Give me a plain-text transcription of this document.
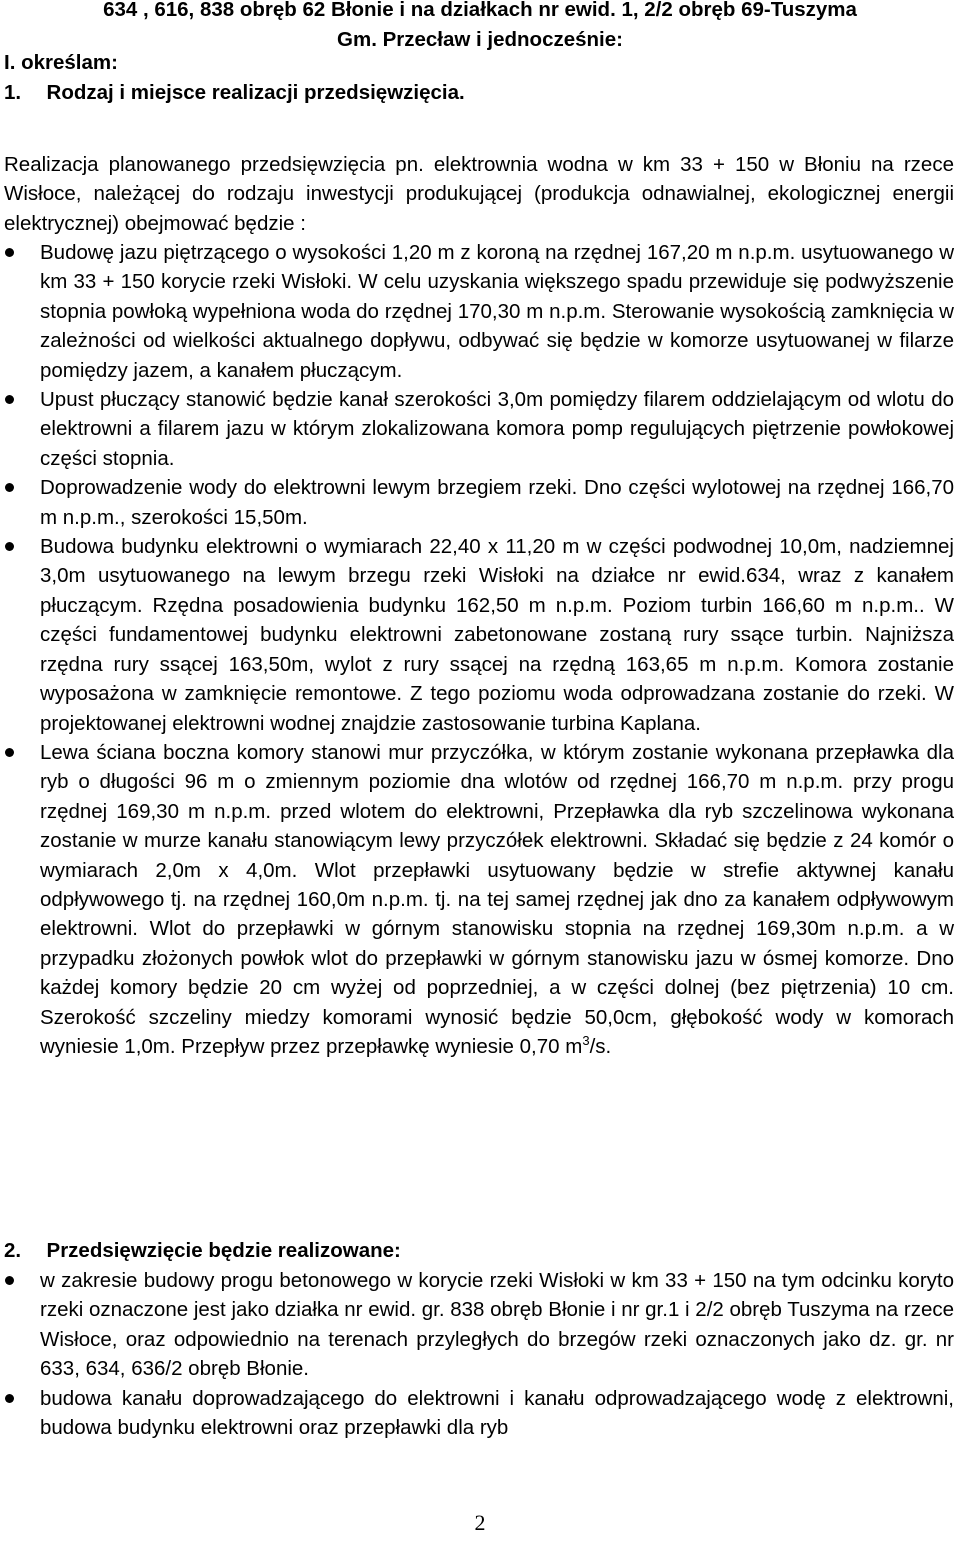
634 , 616, 838 obręb 62 Błonie i na działkach nr ewid. 1, 2/2 obręb 69-Tuszyma
Gm. Przecław i jednocześnie:
I. określam:
1. Rodzaj i miejsce realizacji przedsięwzięcia.
Realizacja planowanego przedsięwzięcia pn. elektrownia wodna w km 33 + 150 w Błoniu na rzece Wisłoce, należącej do rodzaju inwestycji produkującej (produkcja odnawialnej, ekologicznej energii elektrycznej) obejmować będzie :
Budowę jazu piętrzącego o wysokości 1,20 m z koroną na rzędnej 167,20 m n.p.m. usytuowanego w km 33 + 150 korycie rzeki Wisłoki. W celu uzyskania większego spadu przewiduje się podwyższenie stopnia powłoką wypełniona woda do rzędnej 170,30 m n.p.m. Sterowanie wysokością zamknięcia w zależności od wielkości aktualnego dopływu, odbywać się będzie w komorze usytuowanej w filarze pomiędzy jazem, a kanałem płuczącym.
Upust płuczący stanowić będzie kanał szerokości 3,0m pomiędzy filarem oddzielającym od wlotu do elektrowni a filarem jazu w którym zlokalizowana komora pomp regulujących piętrzenie powłokowej części stopnia.
Doprowadzenie wody do elektrowni lewym brzegiem rzeki. Dno części wylotowej na rzędnej 166,70 m n.p.m., szerokości 15,50m.
Budowa budynku elektrowni o wymiarach 22,40 x 11,20 m w części podwodnej 10,0m, nadziemnej 3,0m usytuowanego na lewym brzegu rzeki Wisłoki na działce nr ewid.634, wraz z kanałem płuczącym. Rzędna posadowienia budynku 162,50 m n.p.m. Poziom turbin 166,60 m n.p.m.. W części fundamentowej budynku elektrowni zabetonowane zostaną rury ssące turbin. Najniższa rzędna rury ssącej 163,50m, wylot z rury ssącej na rzędną 163,65 m n.p.m. Komora zostanie wyposażona w zamknięcie remontowe. Z tego poziomu woda odprowadzana zostanie do rzeki. W projektowanej elektrowni wodnej znajdzie zastosowanie turbina Kaplana.
Lewa ściana boczna komory stanowi mur przyczółka, w którym zostanie wykonana przepławka dla ryb o długości 96 m o zmiennym poziomie dna wlotów od rzędnej 166,70 m n.p.m. przy progu rzędnej 169,30 m n.p.m. przed wlotem do elektrowni, Przepławka dla ryb szczelinowa wykonana zostanie w murze kanału stanowiącym lewy przyczółek elektrowni. Składać się będzie z 24 komór o wymiarach 2,0m x 4,0m. Wlot przepławki usytuowany będzie w strefie aktywnej kanału odpływowego tj. na rzędnej 160,0m n.p.m. tj. na tej samej rzędnej jak dno za kanałem odpływowym elektrowni. Wlot do przepławki w górnym stanowisku stopnia na rzędnej 169,30m n.p.m. a w przypadku złożonych powłok wlot do przepławki w górnym stanowisku jazu w ósmej komorze. Dno każdej komory będzie 20 cm wyżej od poprzedniej, a w części dolnej (bez piętrzenia) 10 cm. Szerokość szczeliny miedzy komorami wynosić będzie 50,0cm, głębokość wody w komorach wyniesie 1,0m. Przepływ przez przepławkę wyniesie 0,70 $m^3/s$.
2. Przedsięwzięcie będzie realizowane:
w zakresie budowy progu betonowego w korycie rzeki Wisłoki w km 33 + 150 na tym odcinku koryto rzeki oznaczone jest jako działka nr ewid. gr. 838 obręb Błonie i nr gr.1 i 2/2 obręb Tuszyma na rzece Wisłoce, oraz odpowiednio na terenach przyległych do brzegów rzeki oznaczonych jako dz. gr. nr 633, 634, 636/2 obręb Błonie.
budowa kanału doprowadzającego do elektrowni i kanału odprowadzającego wodę z elektrowni, budowa budynku elektrowni oraz przepławki dla ryb
2
